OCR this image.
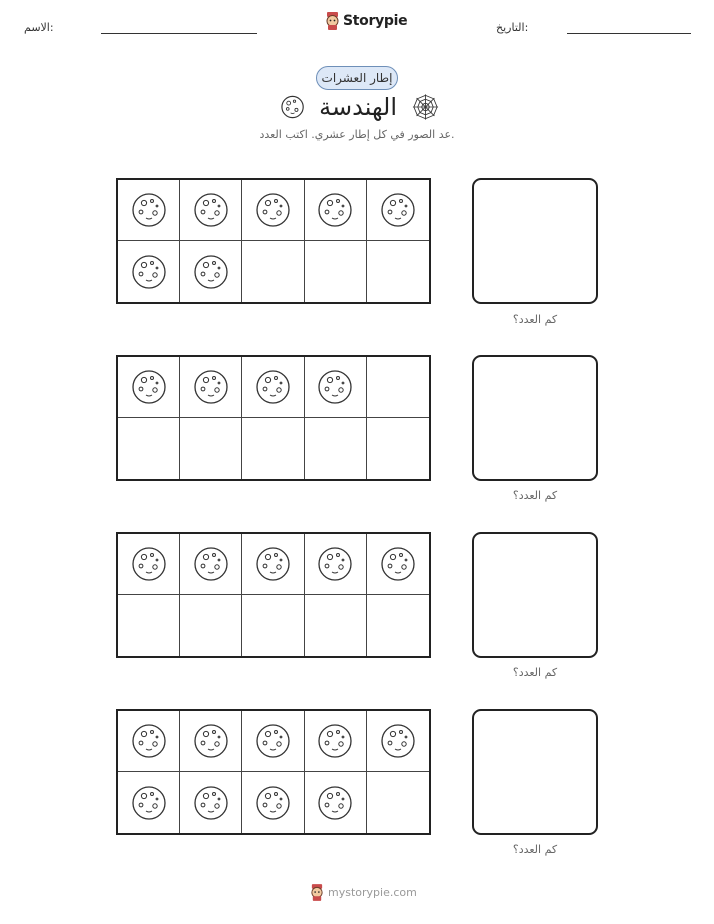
الاسم:	Storypie	التاريخ:
إطار العشرات
الهندسة
عد الصور في كل إطار عشري. اكتب العدد.
كم العدد؟
كم العدد؟
كم العدد؟
كم العدد؟
mystorypie.com
